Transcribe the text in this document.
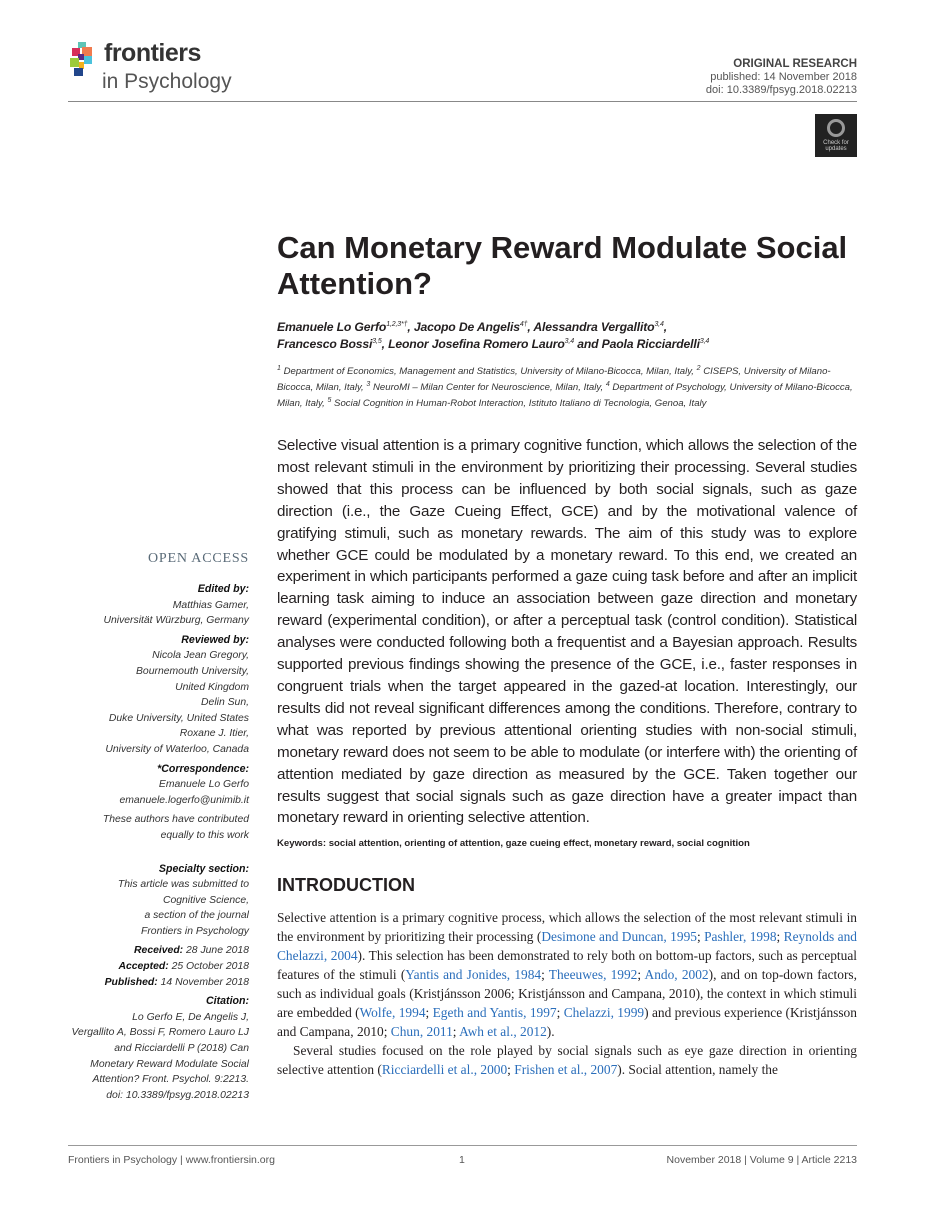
frontiers
in Psychology
ORIGINAL RESEARCH
published: 14 November 2018
doi: 10.3389/fpsyg.2018.02213
Check for updates
Can Monetary Reward Modulate Social Attention?
Emanuele Lo Gerfo$^{1,2,3*\dagger}$, Jacopo De Angelis$^{4\dagger}$, Alessandra Vergallito$^{3,4}$,
Francesco Bossi$^{3,5}$, Leonor Josefina Romero Lauro$^{3,4}$ and Paola Ricciardelli$^{3,4}$
$^1$ Department of Economics, Management and Statistics, University of Milano-Bicocca, Milan, Italy, $^2$ CISEPS, University of Milano-Bicocca, Milan, Italy, $^3$ NeuroMI – Milan Center for Neuroscience, Milan, Italy, $^4$ Department of Psychology, University of Milano-Bicocca, Milan, Italy, $^5$ Social Cognition in Human-Robot Interaction, Istituto Italiano di Tecnologia, Genoa, Italy
Selective visual attention is a primary cognitive function, which allows the selection of the most relevant stimuli in the environment by prioritizing their processing. Several studies showed that this process can be influenced by both social signals, such as gaze direction (i.e., the Gaze Cueing Effect, GCE) and by the motivational valence of gratifying stimuli, such as monetary rewards. The aim of this study was to explore whether GCE could be modulated by a monetary reward. To this end, we created an experiment in which participants performed a gaze cuing task before and after an implicit learning task aiming to induce an association between gaze direction and monetary reward (experimental condition), or after a perceptual task (control condition). Statistical analyses were conducted following both a frequentist and a Bayesian approach. Results supported previous findings showing the presence of the GCE, i.e., faster responses in congruent trials when the target appeared in the gazed-at location. Interestingly, our results did not reveal significant differences among the conditions. Therefore, contrary to what was reported by previous attentional orienting studies with non-social stimuli, monetary reward does not seem to be able to modulate (or interfere with) the orienting of attention mediated by gaze direction as measured by the GCE. Taken together our results suggest that social signals such as gaze direction have a greater impact than monetary reward in orienting selective attention.
Keywords: social attention, orienting of attention, gaze cueing effect, monetary reward, social cognition
INTRODUCTION

Selective attention is a primary cognitive process, which allows the selection of the most relevant stimuli in the environment by prioritizing their processing (Desimone and Duncan, 1995; Pashler, 1998; Reynolds and Chelazzi, 2004). This selection has been demonstrated to rely both on bottom-up factors, such as perceptual features of the stimuli (Yantis and Jonides, 1984; Theeuwes, 1992; Ando, 2002), and on top-down factors, such as individual goals (Kristjánsson 2006; Kristjánsson and Campana, 2010), the context in which stimuli are embedded (Wolfe, 1994; Egeth and Yantis, 1997; Chelazzi, 1999) and previous experience (Kristjánsson and Campana, 2010; Chun, 2011; Awh et al., 2012).

Several studies focused on the role played by social signals such as eye gaze direction in orienting selective attention (Ricciardelli et al., 2000; Frishen et al., 2007). Social attention, namely the

OPEN ACCESS
Edited by:
Matthias Gamer,
Universität Würzburg, Germany
Reviewed by:
Nicola Jean Gregory,
Bournemouth University,
United Kingdom
Delin Sun,
Duke University, United States
Roxane J. Itier,
University of Waterloo, Canada
*Correspondence:
Emanuele Lo Gerfo
emanuele.logerfo@unimib.it
These authors have contributed
equally to this work
Specialty section:
This article was submitted to
Cognitive Science,
a section of the journal
Frontiers in Psychology
Received: 28 June 2018
Accepted: 25 October 2018
Published: 14 November 2018
Citation:
Lo Gerfo E, De Angelis J,
Vergallito A, Bossi F, Romero Lauro LJ
and Ricciardelli P (2018) Can
Monetary Reward Modulate Social
Attention? Front. Psychol. 9:2213.
doi: 10.3389/fpsyg.2018.02213
Frontiers in Psychology | www.frontiersin.org	1	November 2018 | Volume 9 | Article 2213
